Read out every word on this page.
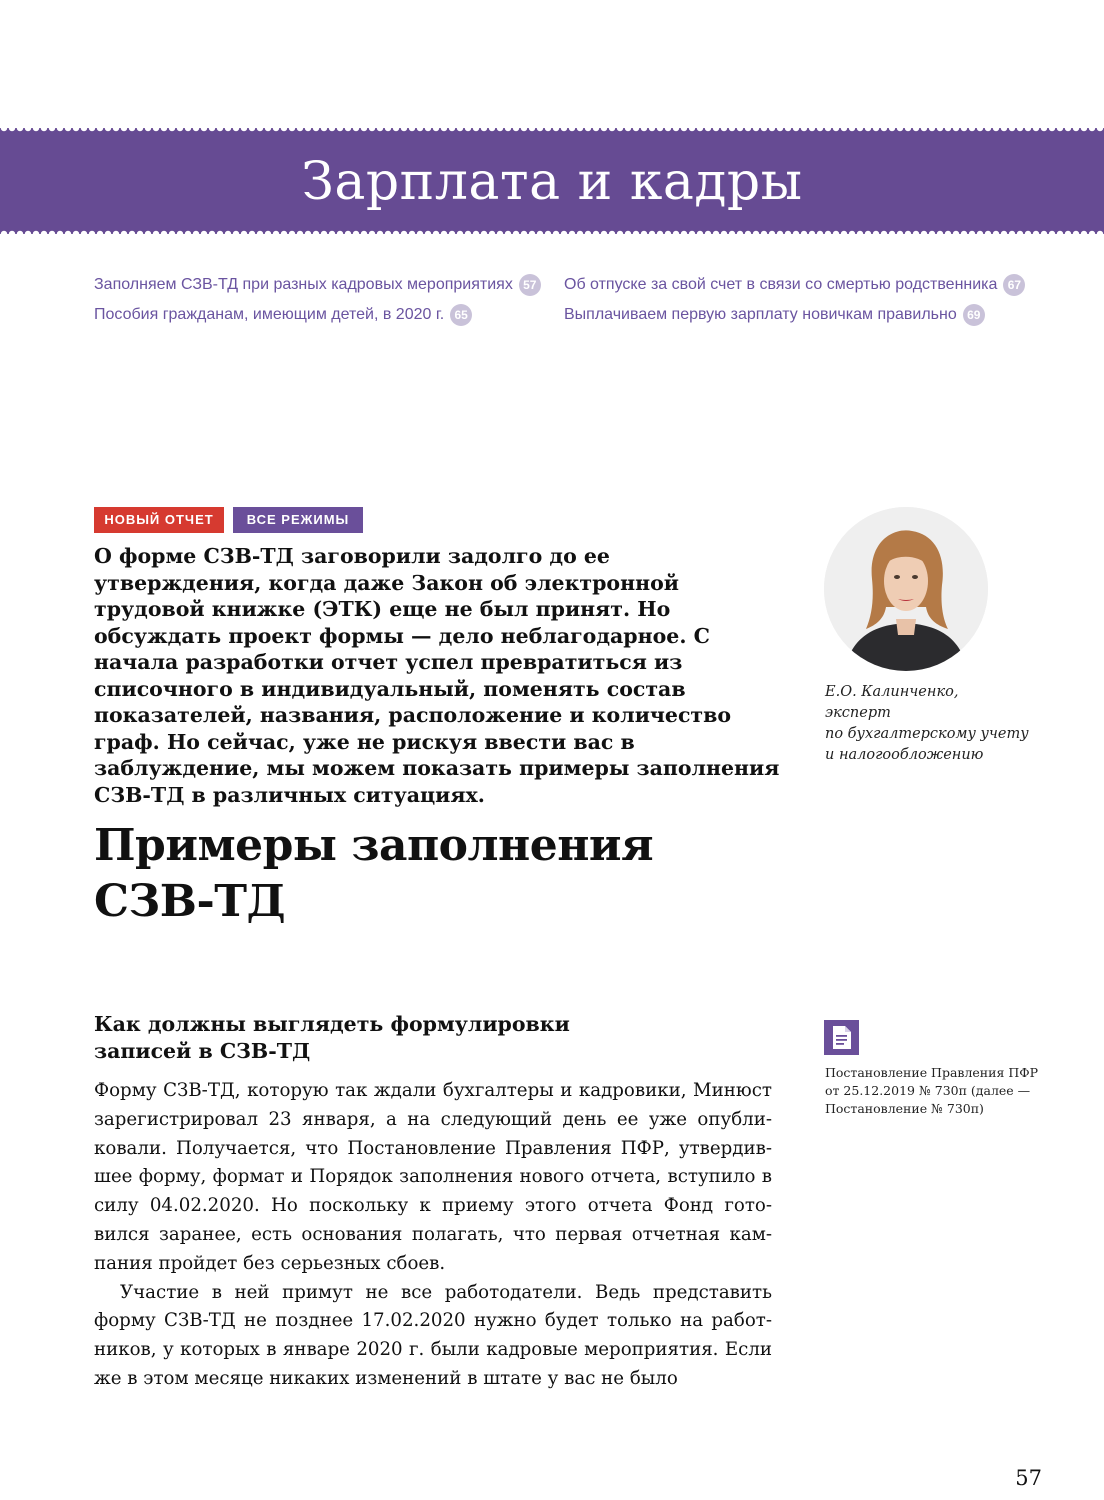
Зарплата и кадры
Заполняем СЗВ-ТД при разных кадровых мероприятиях 57
Пособия гражданам, имеющим детей, в 2020 г. 65
Об отпуске за свой счет в связи со смертью родственника 67
Выплачиваем первую зарплату новичкам правильно 69
НОВЫЙ ОТЧЕТ	ВСЕ РЕЖИМЫ

О форме СЗВ-ТД заговорили задолго до ее утверждения, когда даже Закон об электронной трудовой книжке (ЭТК) еще не был принят. Но обсуждать проект формы — дело неблагодарное. С начала разработки отчет успел превратиться из списочного в индивидуальный, поменять состав показателей, названия, расположение и количество граф. Но сейчас, уже не рискуя ввести вас в заблуждение, мы можем показать примеры заполнения СЗВ-ТД в различных ситуациях.

Е.О. Калинченко,
эксперт
по бухгалтерскому учету
и налогообложению
Примеры заполнения
СЗВ-ТД
Как должны выглядеть формулировки
записей в СЗВ-ТД

Форму СЗВ-ТД, которую так ждали бухгалтеры и кадровики, Минюст зарегистрировал 23 января, а на следующий день ее уже опубликовали. Получается, что Постановление Правления ПФР, утвердившее форму, формат и Порядок заполнения нового отчета, вступило в силу 04.02.2020. Но поскольку к приему этого отчета Фонд готовился заранее, есть основания полагать, что первая отчетная кампания пройдет без серьезных сбоев.

Участие в ней примут не все работодатели. Ведь представить форму СЗВ-ТД не позднее 17.02.2020 нужно будет только на работников, у которых в январе 2020 г. были кадровые мероприятия. Если же в этом месяце никаких изменений в штате у вас не было

Постановление Правления ПФР
от 25.12.2019 № 730п (далее —
Постановление № 730п)
57
